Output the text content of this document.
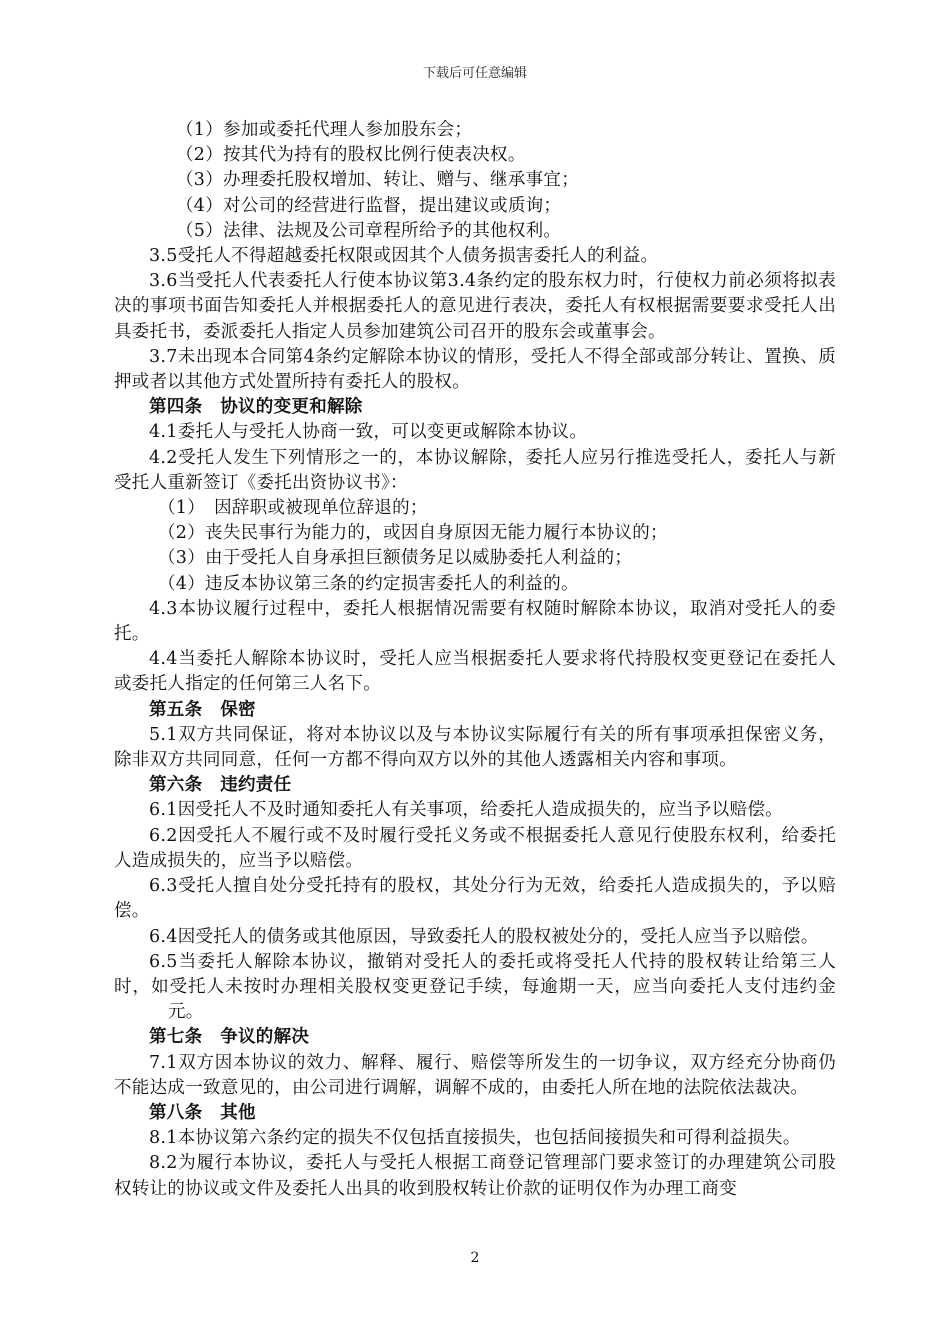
下载后可任意编辑

（1）参加或委托代理人参加股东会；

（2）按其代为持有的股权比例行使表决权。

（3）办理委托股权增加、转让、赠与、继承事宜；

（4）对公司的经营进行监督，提出建议或质询；

（5）法律、法规及公司章程所给予的其他权利。

3.5受托人不得超越委托权限或因其个人债务损害委托人的利益。

3.6当受托人代表委托人行使本协议第3.4条约定的股东权力时，行使权力前必须将拟表决的事项书面告知委托人并根据委托人的意见进行表决，委托人有权根据需要要求受托人出具委托书，委派委托人指定人员参加建筑公司召开的股东会或董事会。

3.7未出现本合同第4条约定解除本协议的情形，受托人不得全部或部分转让、置换、质押或者以其他方式处置所持有委托人的股权。

第四条　协议的变更和解除

4.1委托人与受托人协商一致，可以变更或解除本协议。

4.2受托人发生下列情形之一的，本协议解除，委托人应另行推选受托人，委托人与新受托人重新签订《委托出资协议书》：

（1）　因辞职或被现单位辞退的；

（2）丧失民事行为能力的，或因自身原因无能力履行本协议的；

（3）由于受托人自身承担巨额债务足以威胁委托人利益的；

（4）违反本协议第三条的约定损害委托人的利益的。

4.3本协议履行过程中，委托人根据情况需要有权随时解除本协议，取消对受托人的委托。

4.4当委托人解除本协议时，受托人应当根据委托人要求将代持股权变更登记在委托人或委托人指定的任何第三人名下。

第五条　保密

5.1双方共同保证，将对本协议以及与本协议实际履行有关的所有事项承担保密义务，除非双方共同同意，任何一方都不得向双方以外的其他人透露相关内容和事项。

第六条　违约责任

6.1因受托人不及时通知委托人有关事项，给委托人造成损失的，应当予以赔偿。

6.2因受托人不履行或不及时履行受托义务或不根据委托人意见行使股东权利，给委托人造成损失的，应当予以赔偿。

6.3受托人擅自处分受托持有的股权，其处分行为无效，给委托人造成损失的，予以赔偿。

6.4因受托人的债务或其他原因，导致委托人的股权被处分的，受托人应当予以赔偿。

6.5当委托人解除本协议，撤销对受托人的委托或将受托人代持的股权转让给第三人时，如受托人未按时办理相关股权变更登记手续，每逾期一天，应当向委托人支付违约金元。

第七条　争议的解决

7.1双方因本协议的效力、解释、履行、赔偿等所发生的一切争议，双方经充分协商仍不能达成一致意见的，由公司进行调解，调解不成的，由委托人所在地的法院依法裁决。

第八条　其他

8.1本协议第六条约定的损失不仅包括直接损失，也包括间接损失和可得利益损失。

8.2为履行本协议，委托人与受托人根据工商登记管理部门要求签订的办理建筑公司股权转让的协议或文件及委托人出具的收到股权转让价款的证明仅作为办理工商变

2
